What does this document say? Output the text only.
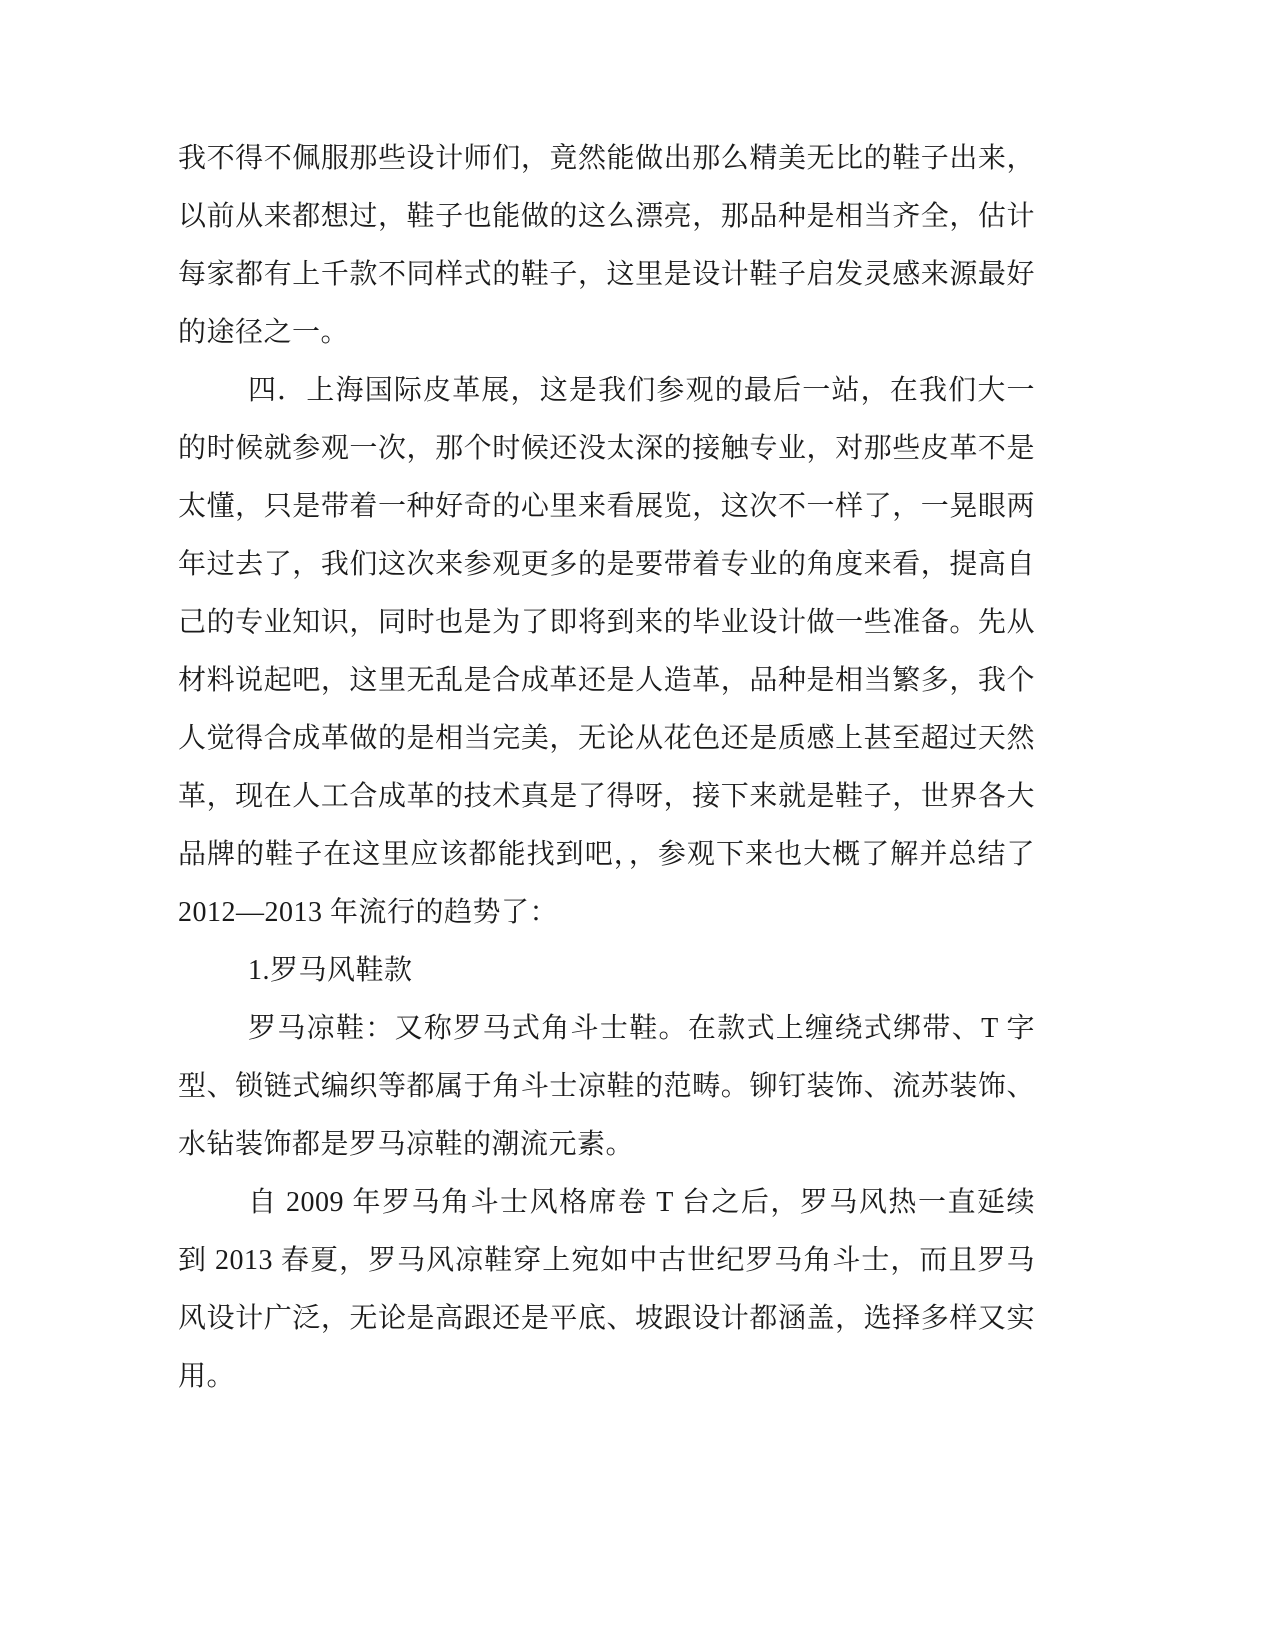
我不得不佩服那些设计师们，竟然能做出那么精美无比的鞋子出来，以前从来都想过，鞋子也能做的这么漂亮，那品种是相当齐全，估计每家都有上千款不同样式的鞋子，这里是设计鞋子启发灵感来源最好的途径之一。

四．上海国际皮革展，这是我们参观的最后一站，在我们大一的时候就参观一次，那个时候还没太深的接触专业，对那些皮革不是太懂，只是带着一种好奇的心里来看展览，这次不一样了，一晃眼两年过去了，我们这次来参观更多的是要带着专业的角度来看，提高自己的专业知识，同时也是为了即将到来的毕业设计做一些准备。先从材料说起吧，这里无乱是合成革还是人造革，品种是相当繁多，我个人觉得合成革做的是相当完美，无论从花色还是质感上甚至超过天然革，现在人工合成革的技术真是了得呀，接下来就是鞋子，世界各大品牌的鞋子在这里应该都能找到吧，，参观下来也大概了解并总结了 2012—2013 年流行的趋势了：

1.罗马风鞋款

罗马凉鞋：又称罗马式角斗士鞋。在款式上缠绕式绑带、T 字型、锁链式编织等都属于角斗士凉鞋的范畴。铆钉装饰、流苏装饰、水钻装饰都是罗马凉鞋的潮流元素。

自 2009 年罗马角斗士风格席卷 T 台之后，罗马风热一直延续到 2013 春夏，罗马风凉鞋穿上宛如中古世纪罗马角斗士，而且罗马风设计广泛，无论是高跟还是平底、坡跟设计都涵盖，选择多样又实用。
